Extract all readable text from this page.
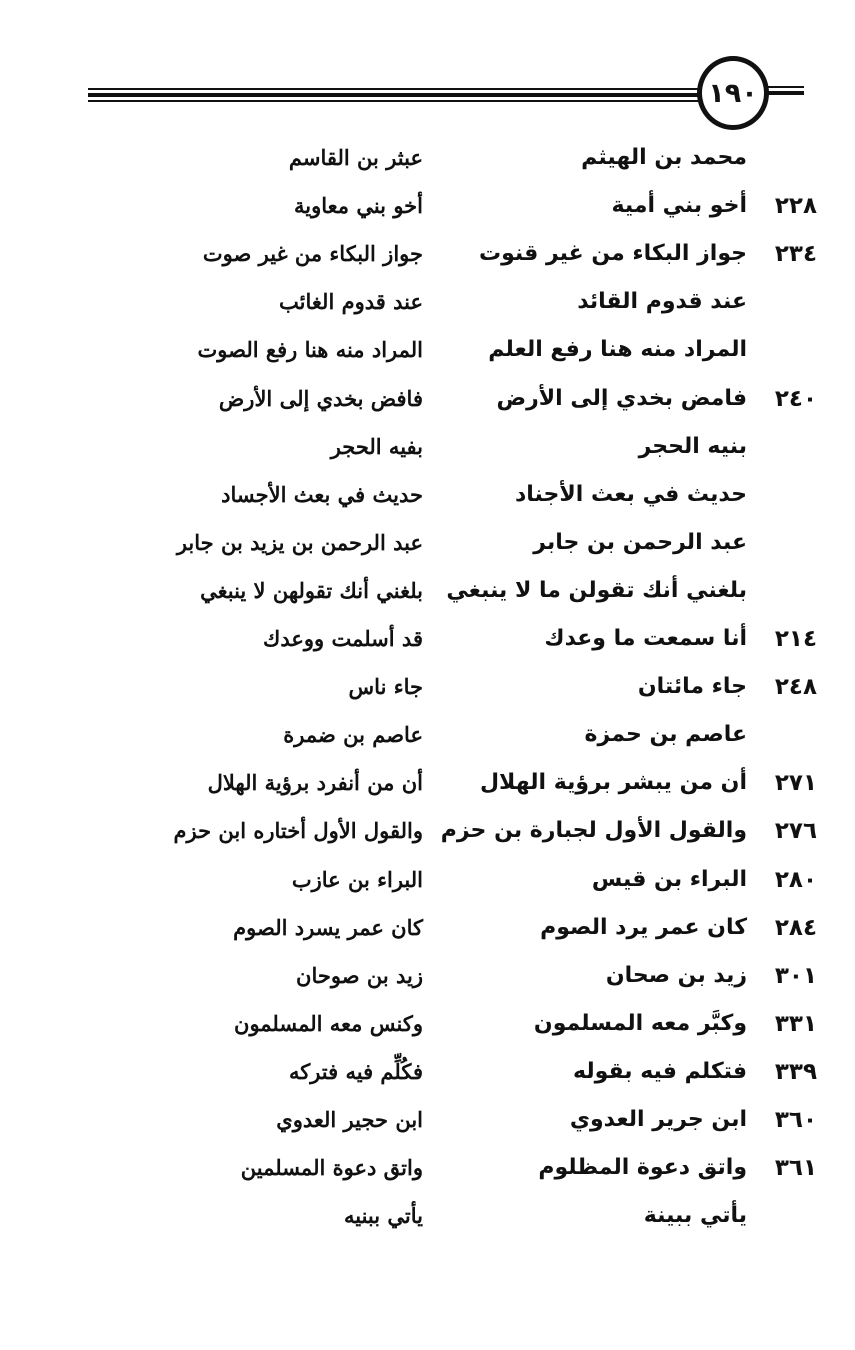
١٩٠
محمد بن الهيثم
عبثر بن القاسم
٢٢٨
أخو بني أمية
أخو بني معاوية
٢٣٤
جواز البكاء من غير قنوت
جواز البكاء من غير صوت
عند قدوم القائد
عند قدوم الغائب
المراد منه هنا رفع العلم
المراد منه هنا رفع الصوت
٢٤٠
فامض بخدي إلى الأرض
فافض بخدي إلى الأرض
بنيه الحجر
بفيه الحجر
حديث في بعث الأجناد
حديث في بعث الأجساد
عبد الرحمن بن جابر
عبد الرحمن بن يزيد بن جابر
بلغني أنك تقولن ما لا ينبغي
بلغني أنك تقولهن لا ينبغي
٢١٤
أنا سمعت ما وعدك
قد أسلمت ووعدك
٢٤٨
جاء مائتان
جاء ناس
عاصم بن حمزة
عاصم بن ضمرة
٢٧١
أن من يبشر برؤية الهلال
أن من أنفرد برؤية الهلال
٢٧٦
والقول الأول لجبارة بن حزم
والقول الأول أختاره ابن حزم
٢٨٠
البراء بن قيس
البراء بن عازب
٢٨٤
كان عمر يرد الصوم
كان عمر يسرد الصوم
٣٠١
زيد بن صحان
زيد بن صوحان
٣٣١
وكبَّر معه المسلمون
وكنس معه المسلمون
٣٣٩
فتكلم فيه بقوله
فكُلِّم فيه فتركه
٣٦٠
ابن جرير العدوي
ابن حجير العدوي
٣٦١
واتق دعوة المظلوم
واتق دعوة المسلمين
يأتي ببينة
يأتي ببنيه
